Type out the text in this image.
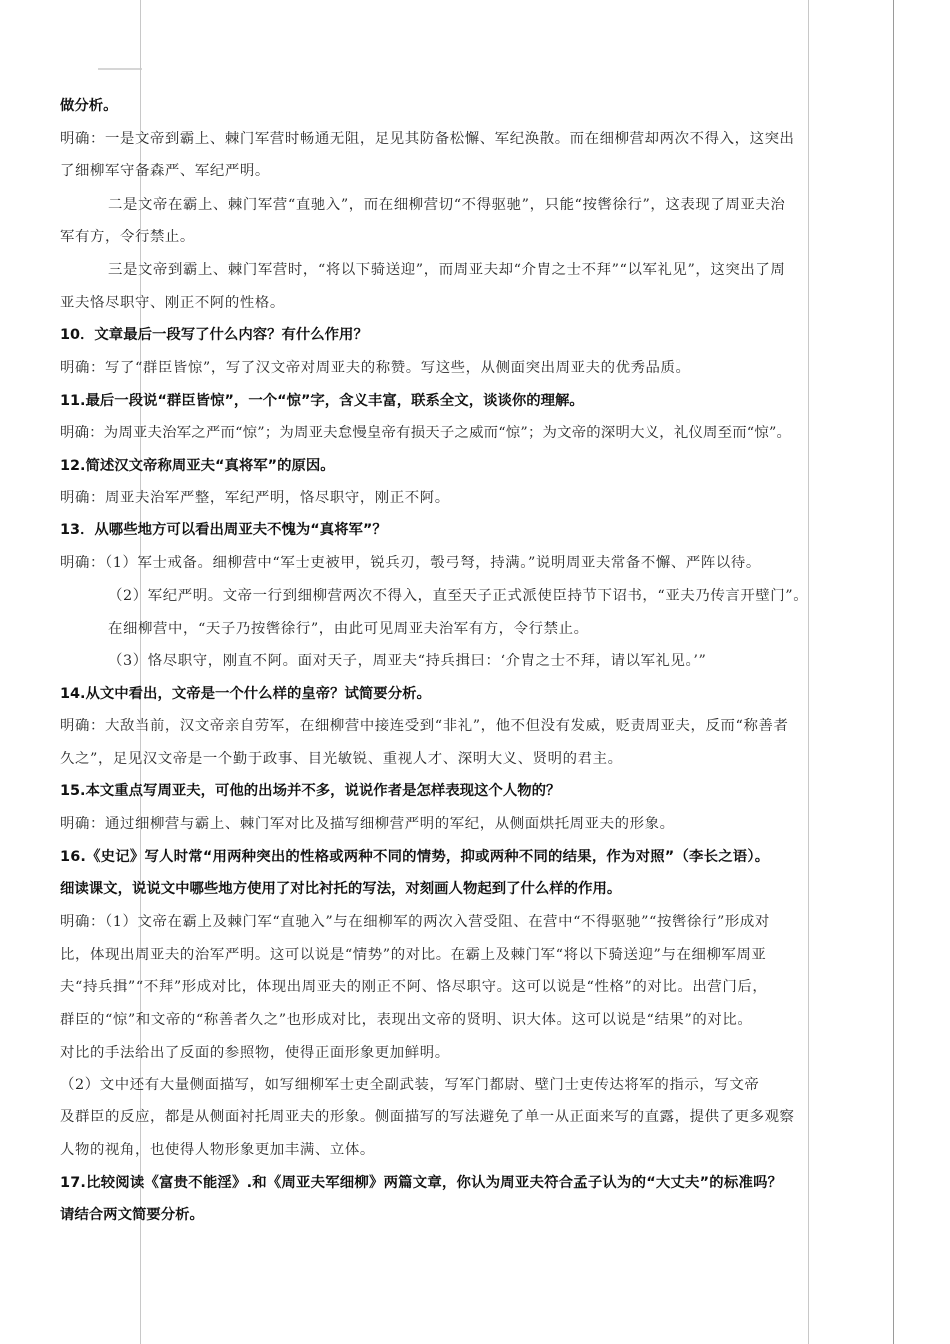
做分析。
明确：一是文帝到霸上、棘门军营时畅通无阻，足见其防备松懈、军纪涣散。而在细柳营却两次不得入，这突出
了细柳军守备森严、军纪严明。
二是文帝在霸上、棘门军营“直驰入”，而在细柳营切“不得驱驰”，只能“按辔徐行”，这表现了周亚夫治
军有方，令行禁止。
三是文帝到霸上、棘门军营时，“将以下骑送迎”，而周亚夫却“介胄之士不拜”“以军礼见”，这突出了周
亚夫恪尽职守、刚正不阿的性格。
10．文章最后一段写了什么内容？有什么作用？
明确：写了“群臣皆惊”，写了汉文帝对周亚夫的称赞。写这些，从侧面突出周亚夫的优秀品质。
11.最后一段说“群臣皆惊”，一个“惊”字，含义丰富，联系全文，谈谈你的理解。
明确：为周亚夫治军之严而“惊”；为周亚夫怠慢皇帝有损天子之威而“惊”；为文帝的深明大义，礼仪周至而“惊”。
12.简述汉文帝称周亚夫“真将军”的原因。
明确：周亚夫治军严整，军纪严明，恪尽职守，刚正不阿。
13．从哪些地方可以看出周亚夫不愧为“真将军”？
明确：（1）军士戒备。细柳营中“军士吏被甲，锐兵刃，彀弓弩，持满。”说明周亚夫常备不懈、严阵以待。
（2）军纪严明。文帝一行到细柳营两次不得入，直至天子正式派使臣持节下诏书，“亚夫乃传言开壁门”。
在细柳营中，“天子乃按辔徐行”，由此可见周亚夫治军有方，令行禁止。
（3）恪尽职守，刚直不阿。面对天子，周亚夫“持兵揖曰：‘介胄之士不拜，请以军礼见。’”
14.从文中看出，文帝是一个什么样的皇帝？试简要分析。
明确：大敌当前，汉文帝亲自劳军，在细柳营中接连受到“非礼”，他不但没有发威，贬责周亚夫，反而“称善者
久之”，足见汉文帝是一个勤于政事、目光敏锐、重视人才、深明大义、贤明的君主。
15.本文重点写周亚夫，可他的出场并不多，说说作者是怎样表现这个人物的？
明确：通过细柳营与霸上、棘门军对比及描写细柳营严明的军纪，从侧面烘托周亚夫的形象。
16.《史记》写人时常“用两种突出的性格或两种不同的情势，抑或两种不同的结果，作为对照”（李长之语）。
细读课文，说说文中哪些地方使用了对比衬托的写法，对刻画人物起到了什么样的作用。
明确：（1）文帝在霸上及棘门军“直驰入”与在细柳军的两次入营受阻、在营中“不得驱驰”“按辔徐行”形成对
比，体现出周亚夫的治军严明。这可以说是“情势”的对比。在霸上及棘门军“将以下骑送迎”与在细柳军周亚
夫“持兵揖”“不拜”形成对比，体现出周亚夫的刚正不阿、恪尽职守。这可以说是“性格”的对比。出营门后，
群臣的“惊”和文帝的“称善者久之”也形成对比，表现出文帝的贤明、识大体。这可以说是“结果”的对比。
对比的手法给出了反面的参照物，使得正面形象更加鲜明。
（2）文中还有大量侧面描写，如写细柳军士吏全副武装，写军门都尉、壁门士吏传达将军的指示，写文帝
及群臣的反应，都是从侧面衬托周亚夫的形象。侧面描写的写法避免了单一从正面来写的直露，提供了更多观察
人物的视角，也使得人物形象更加丰满、立体。
17.比较阅读《富贵不能淫》.和《周亚夫军细柳》两篇文章，你认为周亚夫符合孟子认为的“大丈夫”的标准吗？
请结合两文简要分析。
